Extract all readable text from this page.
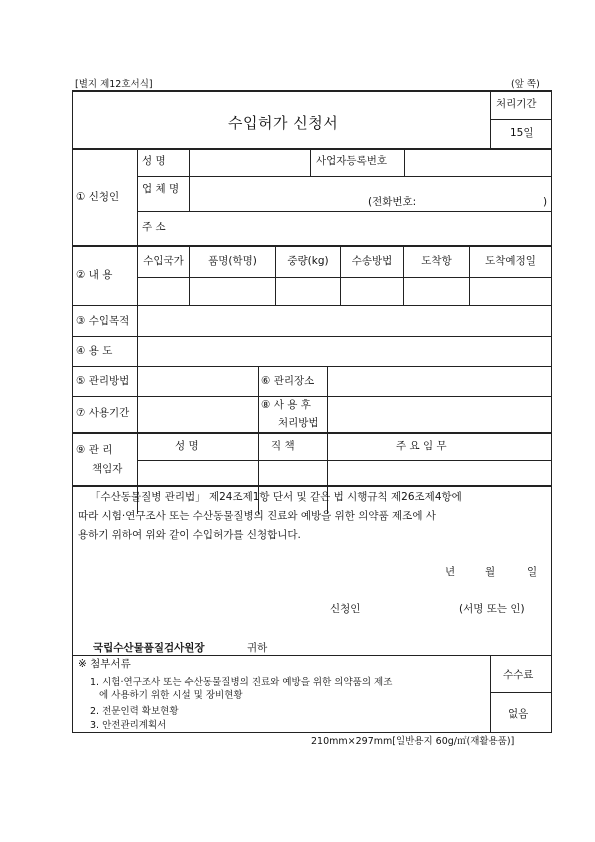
[별지 제12호서식]	(앞 쪽)
수입허가 신청서
처리기간
15일
① 신청인
성 명	사업자등록번호
업 체 명
(전화번호:	)
주 소
② 내 용
수입국가	품명(학명)	중량(kg)	수송방법	도착항	도착예정일
③ 수입목적
④ 용 도
⑤ 관리방법	⑥ 관리장소
⑦ 사용기간
⑧ 사 용 후
처리방법
⑨ 관 리
책임자
성 명	직 책	주 요 임 무
「수산동물질병 관리법」 제24조제1항 단서 및 같은 법 시행규칙 제26조제4항에
따라 시험·연구조사 또는 수산동물질병의 진료와 예방을 위한 의약품 제조에 사
용하기 위하여 위와 같이 수입허가를 신청합니다.
년	월	일
신청인	(서명 또는 인)
국립수산물품질검사원장	귀하
※ 첨부서류
1. 시험·연구조사 또는 수산동물질병의 진료와 예방을 위한 의약품의 제조
에 사용하기 위한 시설 및 장비현황
2. 전문인력 확보현황
3. 안전관리계획서
수수료
없음
210mm×297mm[일반용지 60g/㎡(재활용품)]
